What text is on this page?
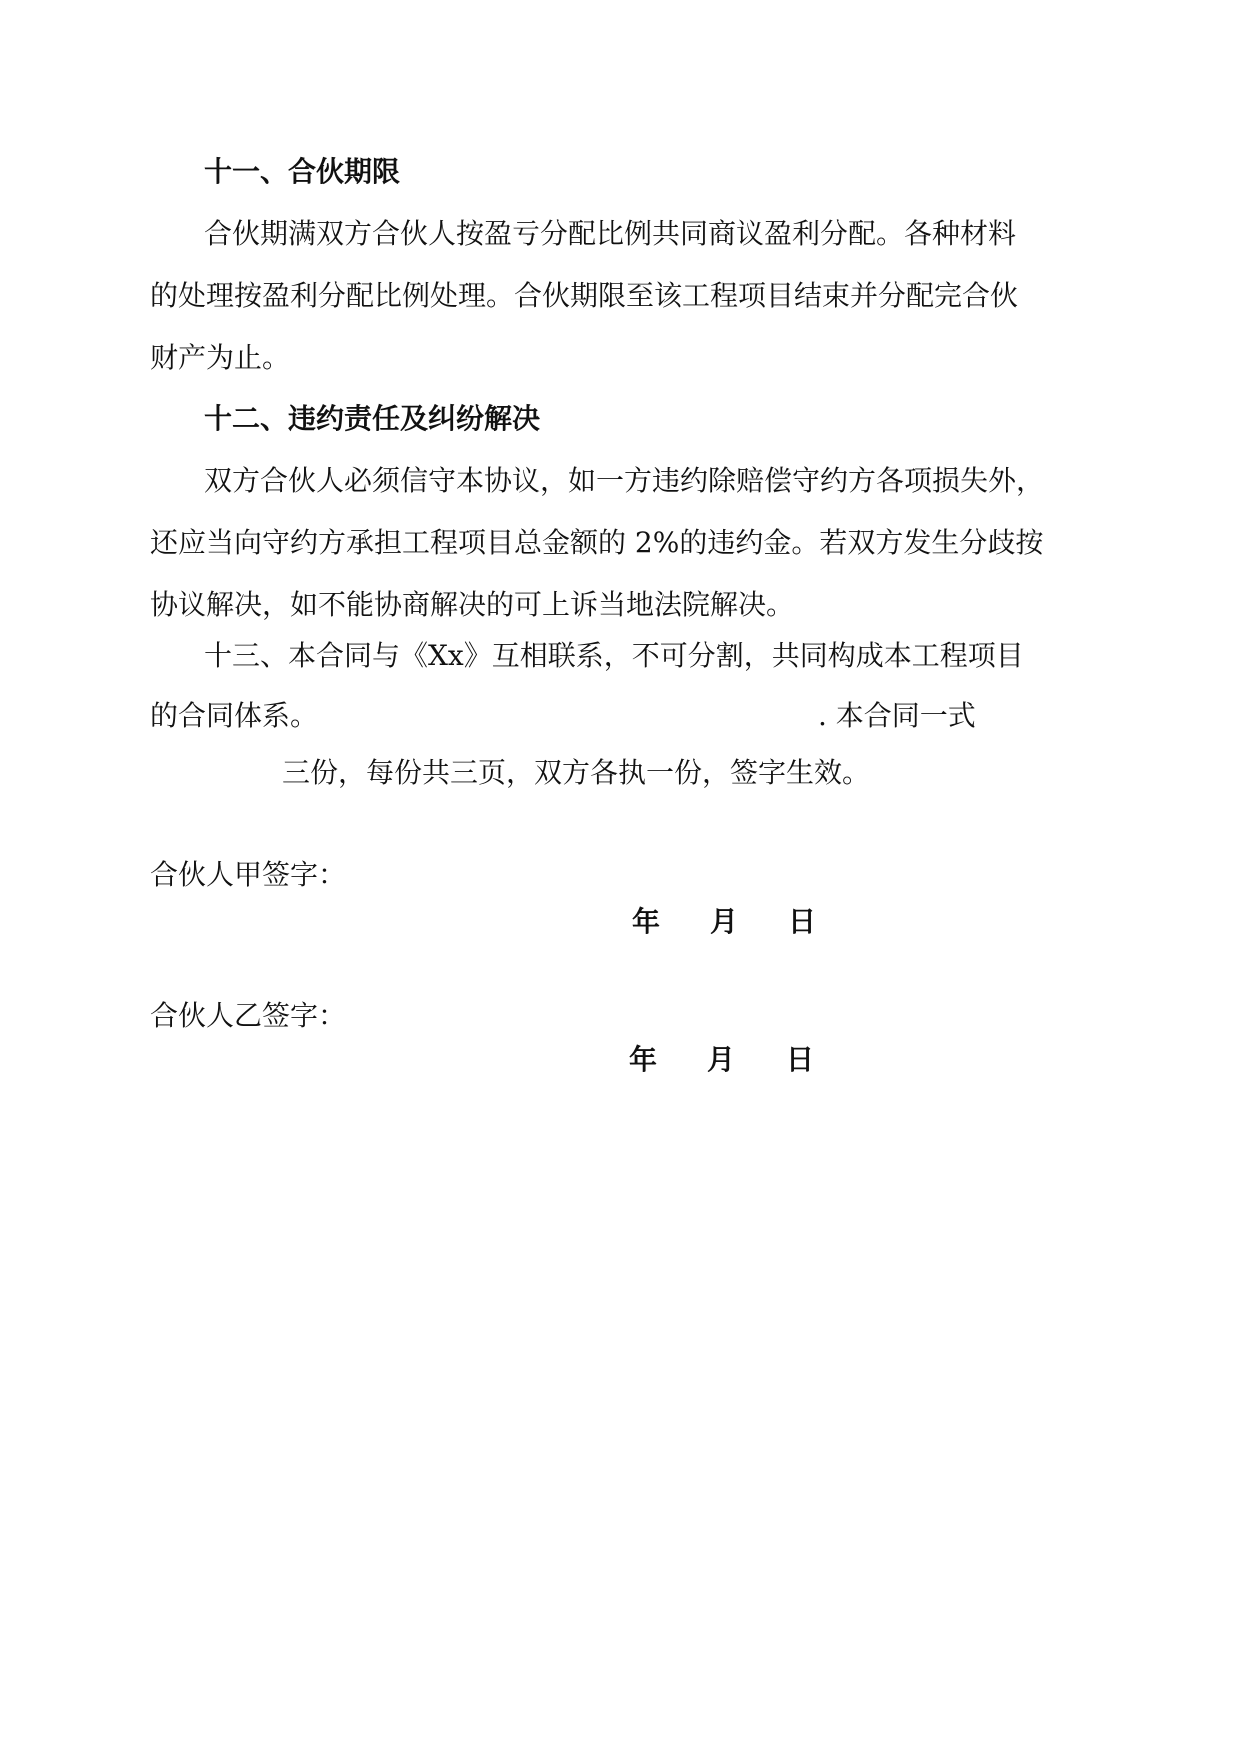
十一、合伙期限

合伙期满双方合伙人按盈亏分配比例共同商议盈利分配。各种材料

的处理按盈利分配比例处理。合伙期限至该工程项目结束并分配完合伙

财产为止。

十二、违约责任及纠纷解决

双方合伙人必须信守本协议，如一方违约除赔偿守约方各项损失外，

还应当向守约方承担工程项目总金额的 2%的违约金。若双方发生分歧按

协议解决，如不能协商解决的可上诉当地法院解决。

十三、本合同与《Xx》互相联系，不可分割，共同构成本工程项目

的合同体系。	. 本合同一式

三份，每份共三页，双方各执一份，签字生效。

合伙人甲签字：

年 月 日

合伙人乙签字：

年 月 日
